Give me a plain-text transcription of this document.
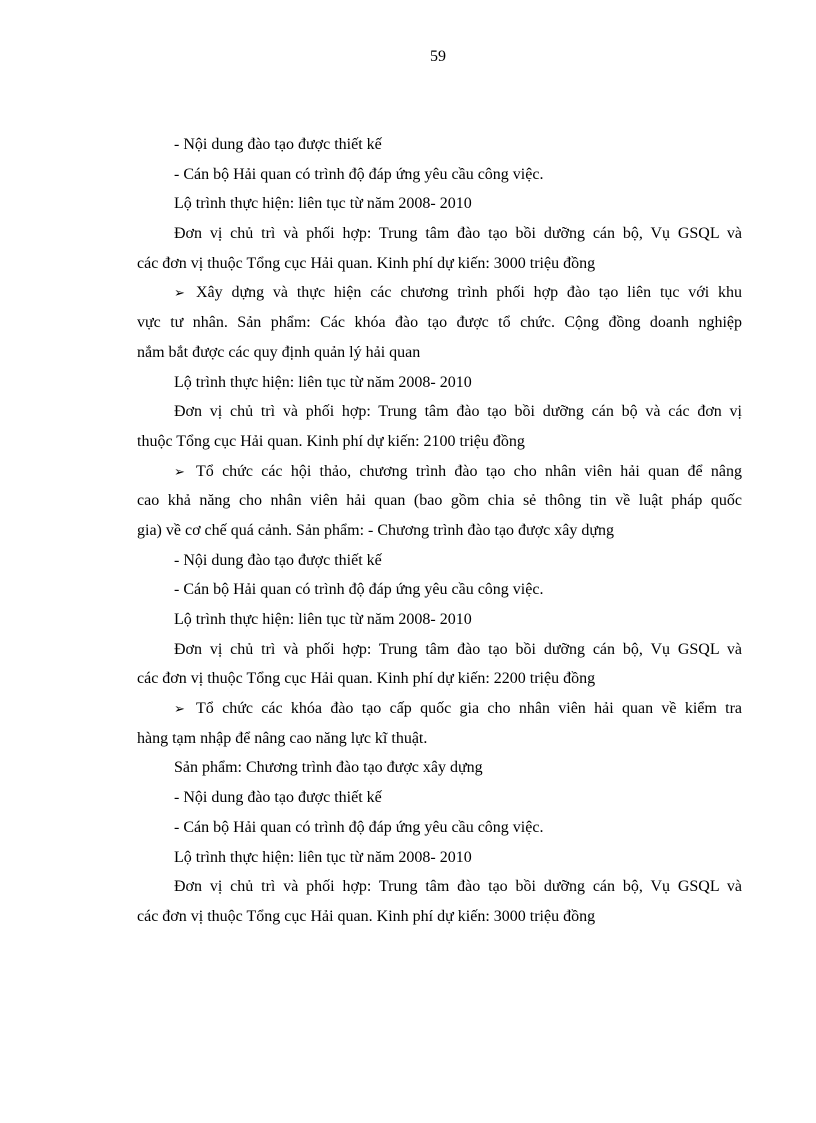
59
- Nội dung đào tạo được thiết kế
- Cán bộ Hải quan có trình độ đáp ứng yêu cầu công việc.
Lộ trình thực hiện: liên tục từ năm 2008- 2010
Đơn vị chủ trì và phối hợp: Trung tâm đào tạo bồi dưỡng cán bộ, Vụ GSQL và
các đơn vị thuộc Tổng cục Hải quan. Kinh phí dự kiến: 3000 triệu đồng
➢ Xây dựng và thực hiện các chương trình phối hợp đào tạo liên tục với khu
vực tư nhân. Sản phẩm: Các khóa đào tạo được tổ chức. Cộng đồng doanh nghiệp
nắm bắt được các quy định quản lý hải quan
Lộ trình thực hiện: liên tục từ năm 2008- 2010
Đơn vị chủ trì và phối hợp: Trung tâm đào tạo bồi dưỡng cán bộ và các đơn vị
thuộc Tổng cục Hải quan. Kinh phí dự kiến: 2100 triệu đồng
➢ Tổ chức các hội thảo, chương trình đào tạo cho nhân viên hải quan để nâng
cao khả năng cho nhân viên hải quan (bao gồm chia sẻ thông tin về luật pháp quốc
gia) về cơ chế quá cảnh. Sản phẩm: - Chương trình đào tạo được xây dựng
- Nội dung đào tạo được thiết kế
- Cán bộ Hải quan có trình độ đáp ứng yêu cầu công việc.
Lộ trình thực hiện: liên tục từ năm 2008- 2010
Đơn vị chủ trì và phối hợp: Trung tâm đào tạo bồi dưỡng cán bộ, Vụ GSQL và
các đơn vị thuộc Tổng cục Hải quan. Kinh phí dự kiến: 2200 triệu đồng
➢ Tổ chức các khóa đào tạo cấp quốc gia cho nhân viên hải quan về kiểm tra
hàng tạm nhập để nâng cao năng lực kĩ thuật.
Sản phẩm: Chương trình đào tạo được xây dựng
- Nội dung đào tạo được thiết kế
- Cán bộ Hải quan có trình độ đáp ứng yêu cầu công việc.
Lộ trình thực hiện: liên tục từ năm 2008- 2010
Đơn vị chủ trì và phối hợp: Trung tâm đào tạo bồi dưỡng cán bộ, Vụ GSQL và
các đơn vị thuộc Tổng cục Hải quan. Kinh phí dự kiến: 3000 triệu đồng
